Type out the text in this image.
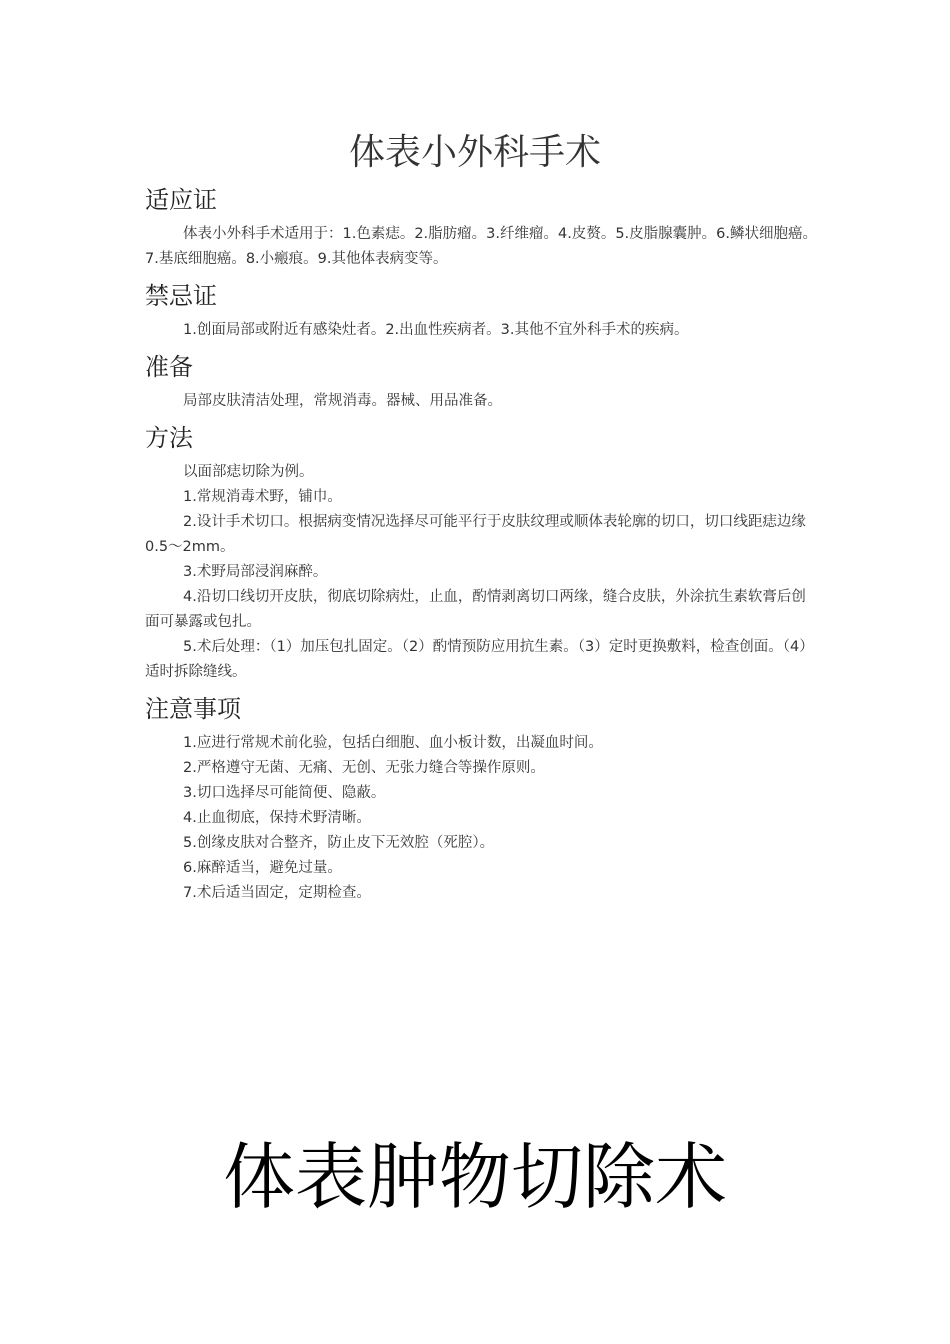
体表小外科手术
适应证

体表小外科手术适用于：1.色素痣。2.脂肪瘤。3.纤维瘤。4.皮赘。5.皮脂腺囊肿。6.鳞状细胞癌。7.基底细胞癌。8.小瘢痕。9.其他体表病变等。

禁忌证

1.创面局部或附近有感染灶者。2.出血性疾病者。3.其他不宜外科手术的疾病。

准备

局部皮肤清洁处理，常规消毒。器械、用品准备。

方法

以面部痣切除为例。

1.常规消毒术野，铺巾。

2.设计手术切口。根据病变情况选择尽可能平行于皮肤纹理或顺体表轮廓的切口，切口线距痣边缘 0.5～2mm。

3.术野局部浸润麻醉。

4.沿切口线切开皮肤，彻底切除病灶，止血，酌情剥离切口两缘，缝合皮肤，外涂抗生素软膏后创面可暴露或包扎。

5.术后处理：（1）加压包扎固定。（2）酌情预防应用抗生素。（3）定时更换敷料，检查创面。（4）适时拆除缝线。

注意事项

1.应进行常规术前化验，包括白细胞、血小板计数，出凝血时间。

2.严格遵守无菌、无痛、无创、无张力缝合等操作原则。

3.切口选择尽可能简便、隐蔽。

4.止血彻底，保持术野清晰。

5.创缘皮肤对合整齐，防止皮下无效腔（死腔）。

6.麻醉适当，避免过量。

7.术后适当固定，定期检查。

体表肿物切除术
